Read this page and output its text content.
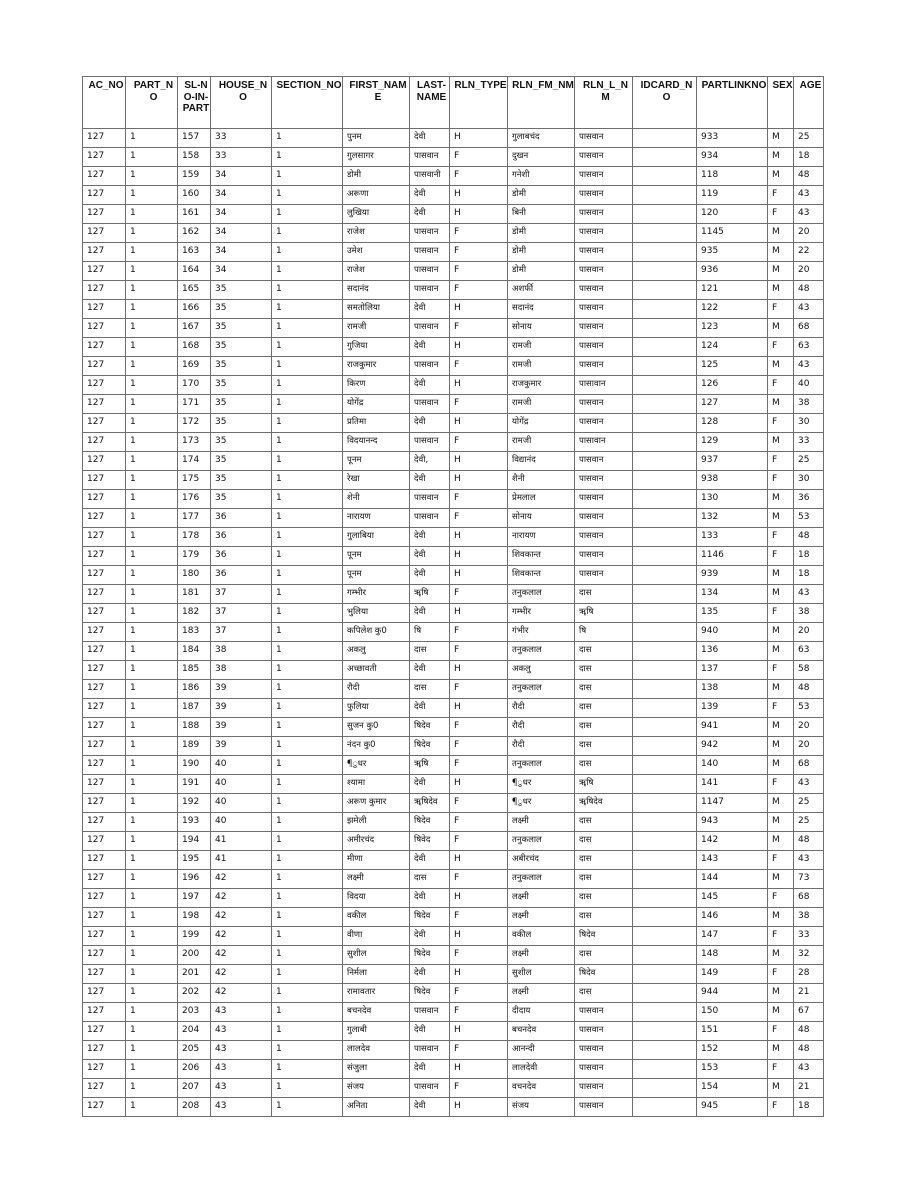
AC_NO	PART_NO	SL-NO-IN-PART	HOUSE_NO	SECTION_NO	FIRST_NAME	LAST-NAME	RLN_TYPE	RLN_FM_NM	RLN_L_NM	IDCARD_NO	PARTLINKNO	SEX	AGE
127	1	157	33	1	पुनम	देवी	H	गुलाबचंद	पासवान		933	M	25
127	1	158	33	1	गुलसागर	पासवान	F	दुखन	पासवान		934	M	18
127	1	159	34	1	डोमी	पासवानी	F	गनेशी	पासवान		118	M	48
127	1	160	34	1	अरूणा	देवी	H	डोमी	पासवान		119	F	43
127	1	161	34	1	लुखिया	देवी	H	बिनी	पासवान		120	F	43
127	1	162	34	1	राजेश	पासवान	F	डोमी	पासवान		1145	M	20
127	1	163	34	1	उमेश	पासवान	F	डोमी	पासवान		935	M	22
127	1	164	34	1	राजेश	पासवान	F	डोमी	पासवान		936	M	20
127	1	165	35	1	सदानंद	पासवान	F	अशर्फी	पासवान		121	M	48
127	1	166	35	1	समतोलिया	देवी	H	सदानंद	पासवान		122	F	43
127	1	167	35	1	रामजी	पासवान	F	सोनाय	पासवान		123	M	68
127	1	168	35	1	गुजिया	देवी	H	रामजी	पासवान		124	F	63
127	1	169	35	1	राजकुमार	पासवान	F	रामजी	पासवान		125	M	43
127	1	170	35	1	किरण	देवी	H	राजकुमार	पासावान		126	F	40
127	1	171	35	1	योगेंद्र	पासवान	F	रामजी	पासवान		127	M	38
127	1	172	35	1	प्रतिमा	देवी	H	योगेंद्र	पासवान		128	F	30
127	1	173	35	1	विदयानन्द	पासवान	F	रामजी	पासावान		129	M	33
127	1	174	35	1	पूनम	देवी,	H	विद्यानंद	पासवान		937	F	25
127	1	175	35	1	रेखा	देवी	H	शैनी	पासवान		938	F	30
127	1	176	35	1	शेनी	पासवान	F	प्रेमलाल	पासवान		130	M	36
127	1	177	36	1	नारायण	पासवान	F	सोनाय	पासवान		132	M	53
127	1	178	36	1	गुलाबिया	देवी	H	नारायण	पासवान		133	F	48
127	1	179	36	1	पूनम	देवी	H	शिवकान्त	पासवान		1146	F	18
127	1	180	36	1	पूनम	देवी	H	शिवकान्त	पासवान		939	M	18
127	1	181	37	1	गम्भीर	ॠषि	F	तनुकलाल	दास		134	M	43
127	1	182	37	1	भुलिया	देवी	H	गम्भीर	ॠषि		135	F	38
127	1	183	37	1	कपिलेश कु0	षि	F	गंभीर	षि		940	M	20
127	1	184	38	1	अकलु	दास	F	तनुकलाल	दास		136	M	63
127	1	185	38	1	अच्छावती	देवी	H	अकलु	दास		137	F	58
127	1	186	39	1	रौदी	दास	F	तनुकलाल	दास		138	M	48
127	1	187	39	1	फुलिया	देवी	H	रौदी	दास		139	F	53
127	1	188	39	1	सुजन कु0	षिदेव	F	रौदी	दास		941	M	20
127	1	189	39	1	नंदन कु0	षिदेव	F	रौदी	दास		942	M	20
127	1	190	40	1	¶ुधर	ॠषि	F	तनुकलाल	दास		140	M	68
127	1	191	40	1	श्यामा	देवी	H	¶ुधर	ॠषि		141	F	43
127	1	192	40	1	अरूण कुमार	ॠषिदेव	F	¶ुधर	ॠषिदेव		1147	M	25
127	1	193	40	1	झमेली	षिदेव	F	लक्ष्मी	दास		943	M	25
127	1	194	41	1	अमीरचंद	षिवेद	F	तनुकलाल	दास		142	M	48
127	1	195	41	1	मीणा	देवी	H	अबीरचंद	दास		143	F	43
127	1	196	42	1	लक्ष्मी	दास	F	तनुकलाल	दास		144	M	73
127	1	197	42	1	विदया	देवी	H	लक्ष्मी	दास		145	F	68
127	1	198	42	1	वकील	षिदेव	F	लक्ष्मी	दास		146	M	38
127	1	199	42	1	वीणा	देवी	H	वकील	षिदेव		147	F	33
127	1	200	42	1	सुशील	षिदेव	F	लक्ष्मी	दास		148	M	32
127	1	201	42	1	निर्मला	देवी	H	सुशील	षिदेव		149	F	28
127	1	202	42	1	रामावतार	षिदेव	F	लक्ष्मी	दास		944	M	21
127	1	203	43	1	बचनदेव	पासवान	F	दीदाय	पासवान		150	M	67
127	1	204	43	1	गुलाबी	देवी	H	बचनदेव	पासवान		151	F	48
127	1	205	43	1	लालदेव	पासवान	F	आनन्दी	पासवान		152	M	48
127	1	206	43	1	संजुला	देवी	H	लालदेवी	पासवान		153	F	43
127	1	207	43	1	संजय	पासवान	F	वचनदेव	पासवान		154	M	21
127	1	208	43	1	अनिता	देवी	H	संजय	पासवान		945	F	18
